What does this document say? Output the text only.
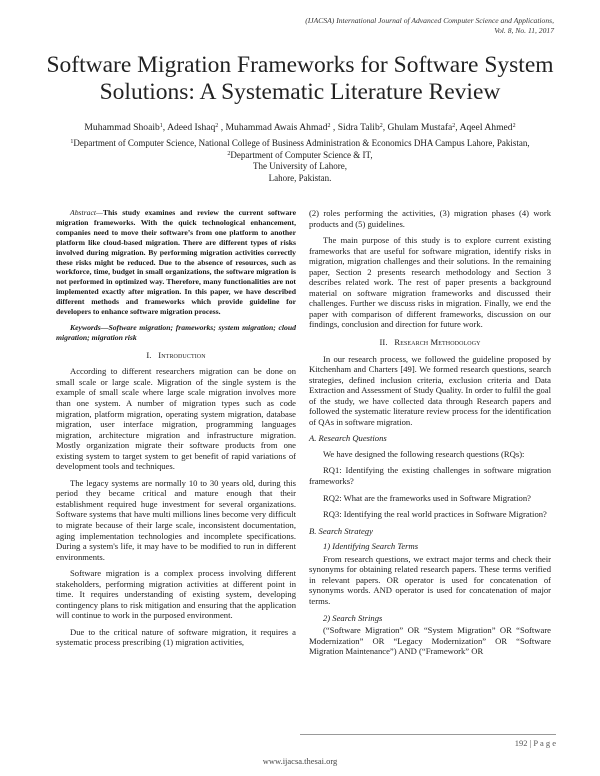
(IJACSA) International Journal of Advanced Computer Science and Applications,
Vol. 8, No. 11, 2017
Software Migration Frameworks for Software System
Solutions: A Systematic Literature Review
Muhammad Shoaib$^1$, Adeed Ishaq$^2$ , Muhammad Awais Ahmad$^2$ , Sidra Talib$^2$, Ghulam Mustafa$^2$, Aqeel Ahmed$^2$
$^1$Department of Computer Science, National College of Business Administration & Economics DHA Campus Lahore, Pakistan,
$^2$Department of Computer Science & IT,
The University of Lahore,
Lahore, Pakistan.

Abstract—This study examines and review the current software migration frameworks. With the quick technological enhancement, companies need to move their software’s from one platform to another platform like cloud-based migration. There are different types of risks involved during migration. By performing migration activities correctly these risks might be reduced. Due to the absence of resources, such as workforce, time, budget in small organizations, the software migration is not performed in optimized way. Therefore, many functionalities are not implemented exactly after migration. In this paper, we have described different methods and frameworks which provide guideline for developers to enhance software migration process.

Keywords—Software migration; frameworks; system migration; cloud migration; migration risk

I. Introduction

According to different researchers migration can be done on small scale or large scale. Migration of the single system is the example of small scale where large scale migration involves more than one system. A number of migration types such as code migration, platform migration, operating system migration, database migration, user interface migration, programming languages migration, architecture migration and infrastructure migration. Mostly organization migrate their software products from one existing system to target system to get benefit of rapid variations of development tools and techniques.

The legacy systems are normally 10 to 30 years old, during this period they became critical and mature enough that their establishment required huge investment for several organizations. Software systems that have multi millions lines become very difficult to migrate because of their large scale, inconsistent documentation, aging implementation technologies and incomplete specifications. During a system's life, it may have to be modified to run in different environments.

Software migration is a complex process involving different stakeholders, performing migration activities at different point in time. It requires understanding of existing system, developing contingency plans to risk mitigation and ensuring that the application will continue to work in the purposed environment.

Due to the critical nature of software migration, it requires a systematic process prescribing (1) migration activities,

(2) roles performing the activities, (3) migration phases (4) work products and (5) guidelines.

The main purpose of this study is to explore current existing frameworks that are useful for software migration, identify risks in migration, migration challenges and their solutions. In the remaining paper, Section 2 presents research methodology and Section 3 describes related work. The rest of paper presents a background material on software migration frameworks and discussed their challenges. Further we discuss risks in migration. Finally, we end the paper with comparison of different frameworks, discussion on our findings, conclusion and direction for future work.

II. Research Methodology

In our research process, we followed the guideline proposed by Kitchenham and Charters [49]. We formed research questions, search strategies, defined inclusion criteria, exclusion criteria and Data Extraction and Assessment of Study Quality. In order to fulfil the goal of the study, we have collected data through Research papers and followed the systematic literature review process for the identification of QAs in software migration.

A. Research Questions

We have designed the following research questions (RQs):

RQ1: Identifying the existing challenges in software migration frameworks?

RQ2: What are the frameworks used in Software Migration?

RQ3: Identifying the real world practices in Software Migration?

B. Search Strategy
1) Identifying Search Terms

From research questions, we extract major terms and check their synonyms for obtaining related research papers. These terms verified in relevant papers. OR operator is used for concatenation of synonyms words. AND operator is used for concatenation of major terms.

2) Search Strings

(“Software Migration” OR “System Migration” OR “Software Modernization” OR “Legacy Modernization” OR “Software Migration Maintenance”) AND (“Framework” OR

192 | P a g e
www.ijacsa.thesai.org
